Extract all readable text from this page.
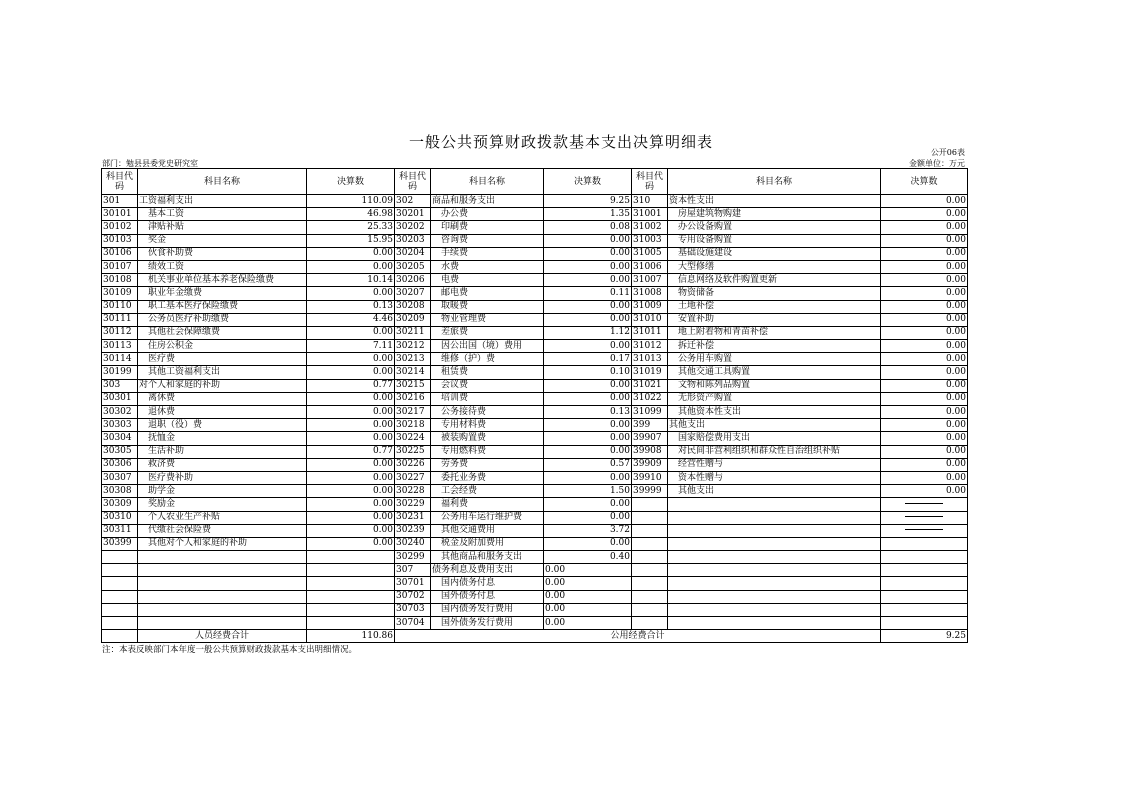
一般公共预算财政拨款基本支出决算明细表
公开06表
部门：勉县县委党史研究室	金额单位：万元
科目代码	科目名称	决算数	科目代码	科目名称	决算数	科目代码	科目名称	决算数
301	工资福利支出	110.09	302	商品和服务支出	9.25	310	资本性支出	0.00
30101	基本工资	46.98	30201	办公费	1.35	31001	房屋建筑物购建	0.00
30102	津贴补贴	25.33	30202	印刷费	0.08	31002	办公设备购置	0.00
30103	奖金	15.95	30203	咨询费	0.00	31003	专用设备购置	0.00
30106	伙食补助费	0.00	30204	手续费	0.00	31005	基础设施建设	0.00
30107	绩效工资	0.00	30205	水费	0.00	31006	大型修缮	0.00
30108	机关事业单位基本养老保险缴费	10.14	30206	电费	0.00	31007	信息网络及软件购置更新	0.00
30109	职业年金缴费	0.00	30207	邮电费	0.11	31008	物资储备	0.00
30110	职工基本医疗保险缴费	0.13	30208	取暖费	0.00	31009	土地补偿	0.00
30111	公务员医疗补助缴费	4.46	30209	物业管理费	0.00	31010	安置补助	0.00
30112	其他社会保障缴费	0.00	30211	差旅费	1.12	31011	地上附着物和青苗补偿	0.00
30113	住房公积金	7.11	30212	因公出国（境）费用	0.00	31012	拆迁补偿	0.00
30114	医疗费	0.00	30213	维修（护）费	0.17	31013	公务用车购置	0.00
30199	其他工资福利支出	0.00	30214	租赁费	0.10	31019	其他交通工具购置	0.00
303	对个人和家庭的补助	0.77	30215	会议费	0.00	31021	文物和陈列品购置	0.00
30301	离休费	0.00	30216	培训费	0.00	31022	无形资产购置	0.00
30302	退休费	0.00	30217	公务接待费	0.13	31099	其他资本性支出	0.00
30303	退职（役）费	0.00	30218	专用材料费	0.00	399	其他支出	0.00
30304	抚恤金	0.00	30224	被装购置费	0.00	39907	国家赔偿费用支出	0.00
30305	生活补助	0.77	30225	专用燃料费	0.00	39908	对民间非营利组织和群众性自治组织补贴	0.00
30306	救济费	0.00	30226	劳务费	0.57	39909	经营性赠与	0.00
30307	医疗费补助	0.00	30227	委托业务费	0.00	39910	资本性赠与	0.00
30308	助学金	0.00	30228	工会经费	1.50	39999	其他支出	0.00
30309	奖励金	0.00	30229	福利费	0.00			
30310	个人农业生产补贴	0.00	30231	公务用车运行维护费	0.00			
30311	代缴社会保险费	0.00	30239	其他交通费用	3.72			
30399	其他对个人和家庭的补助	0.00	30240	税金及附加费用	0.00			
			30299	其他商品和服务支出	0.40			
			307	债务利息及费用支出	0.00			
			30701	国内债务付息	0.00			
			30702	国外债务付息	0.00			
			30703	国内债务发行费用	0.00			
			30704	国外债务发行费用	0.00			
	人员经费合计	110.86	公用经费合计					9.25
注：本表反映部门本年度一般公共预算财政拨款基本支出明细情况。
